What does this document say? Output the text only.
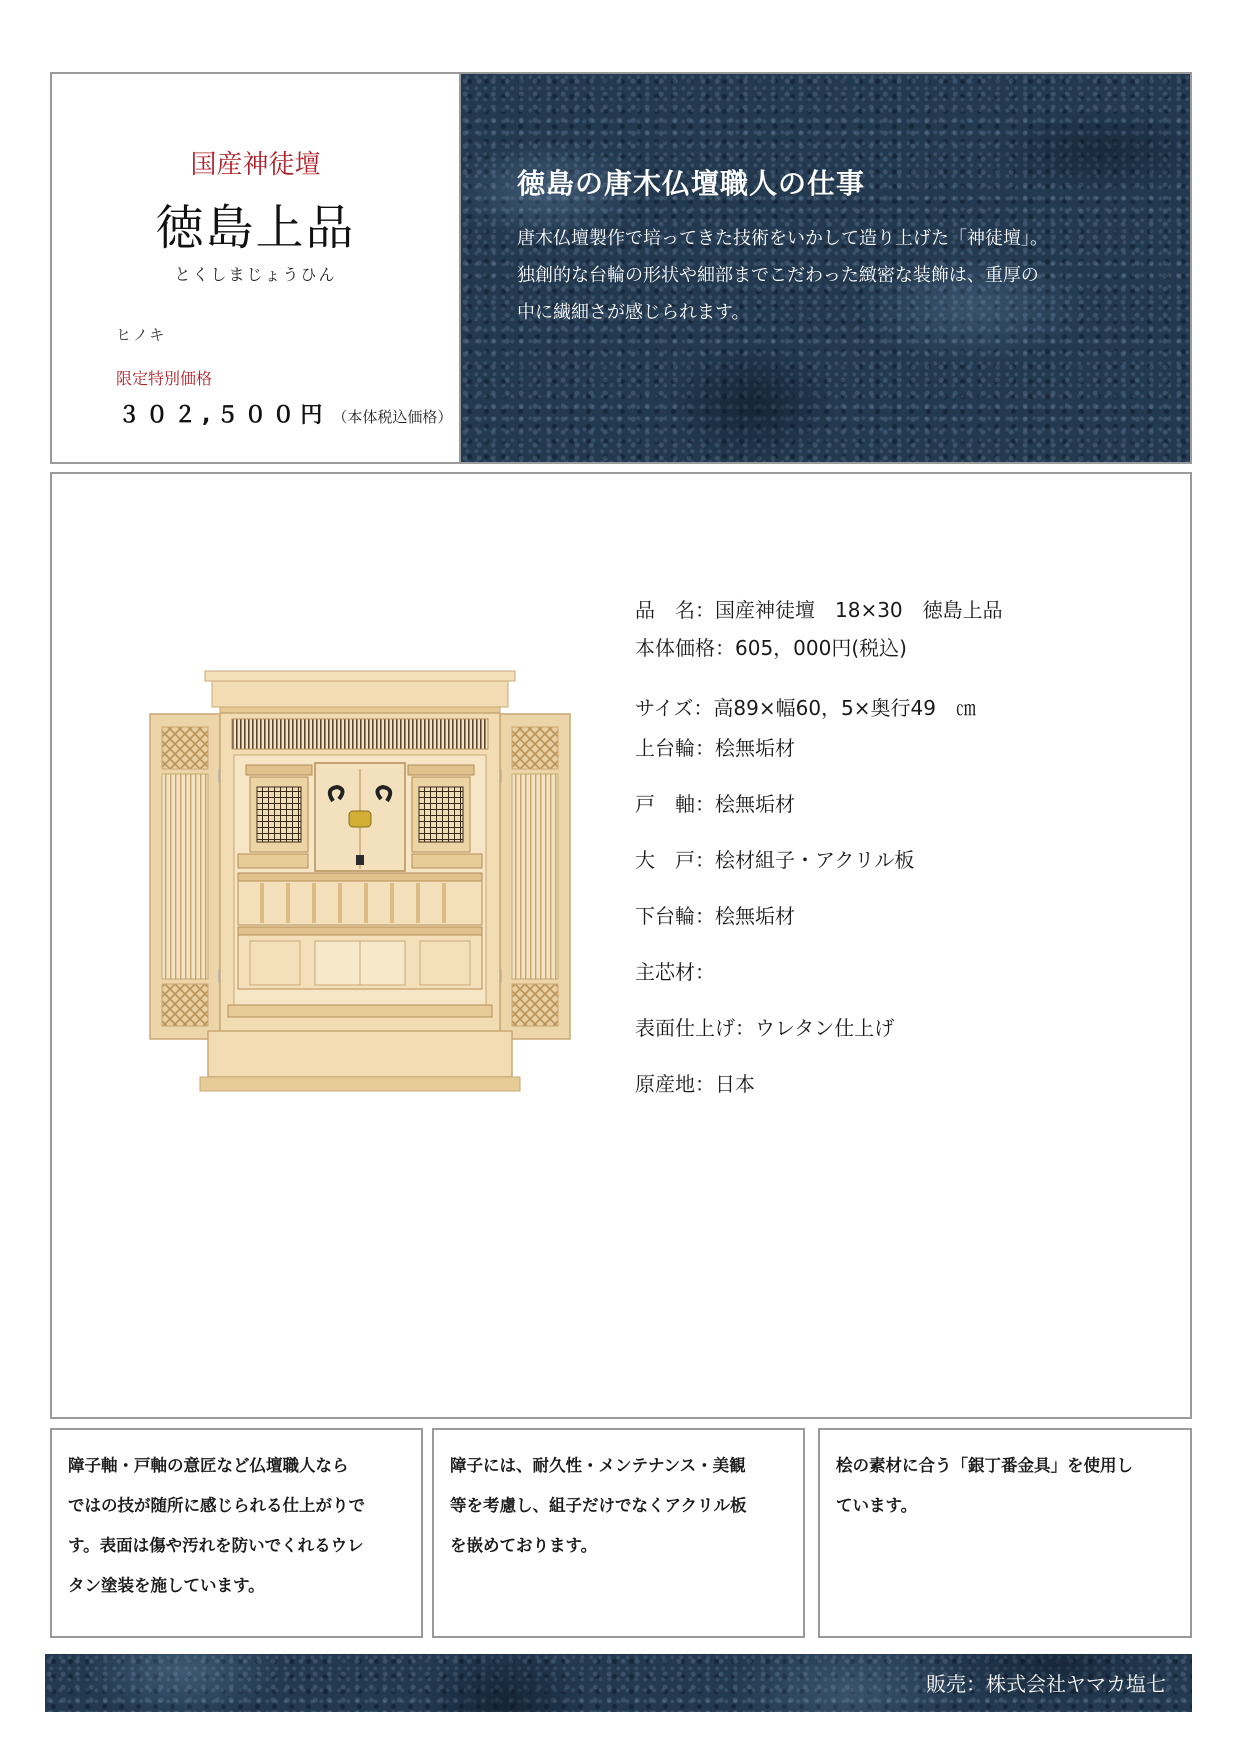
国産神徒壇
徳島上品
とくしまじょうひん
ヒノキ
限定特別価格
３０２,５００円 （本体税込価格）
徳島の唐木仏壇職人の仕事
唐木仏壇製作で培ってきた技術をいかして造り上げた「神徒壇」。
独創的な台輪の形状や細部までこだわった緻密な装飾は、重厚の
中に繊細さが感じられます。
品　名：国産神徒壇　18×30　徳島上品
本体価格：605，000円(税込)
サイズ：高89×幅60，5×奥行49　㎝
上台輪：桧無垢材
戸　軸：桧無垢材
大　戸：桧材組子・アクリル板
下台輪：桧無垢材
主芯材：
表面仕上げ：ウレタン仕上げ
原産地：日本
障子軸・戸軸の意匠など仏壇職人なら
ではの技が随所に感じられる仕上がりで
す。表面は傷や汚れを防いでくれるウレ
タン塗装を施しています。
障子には、耐久性・メンテナンス・美観
等を考慮し、組子だけでなくアクリル板
を嵌めております。
桧の素材に合う「銀丁番金具」を使用し
ています。
販売：株式会社ヤマカ塩七
